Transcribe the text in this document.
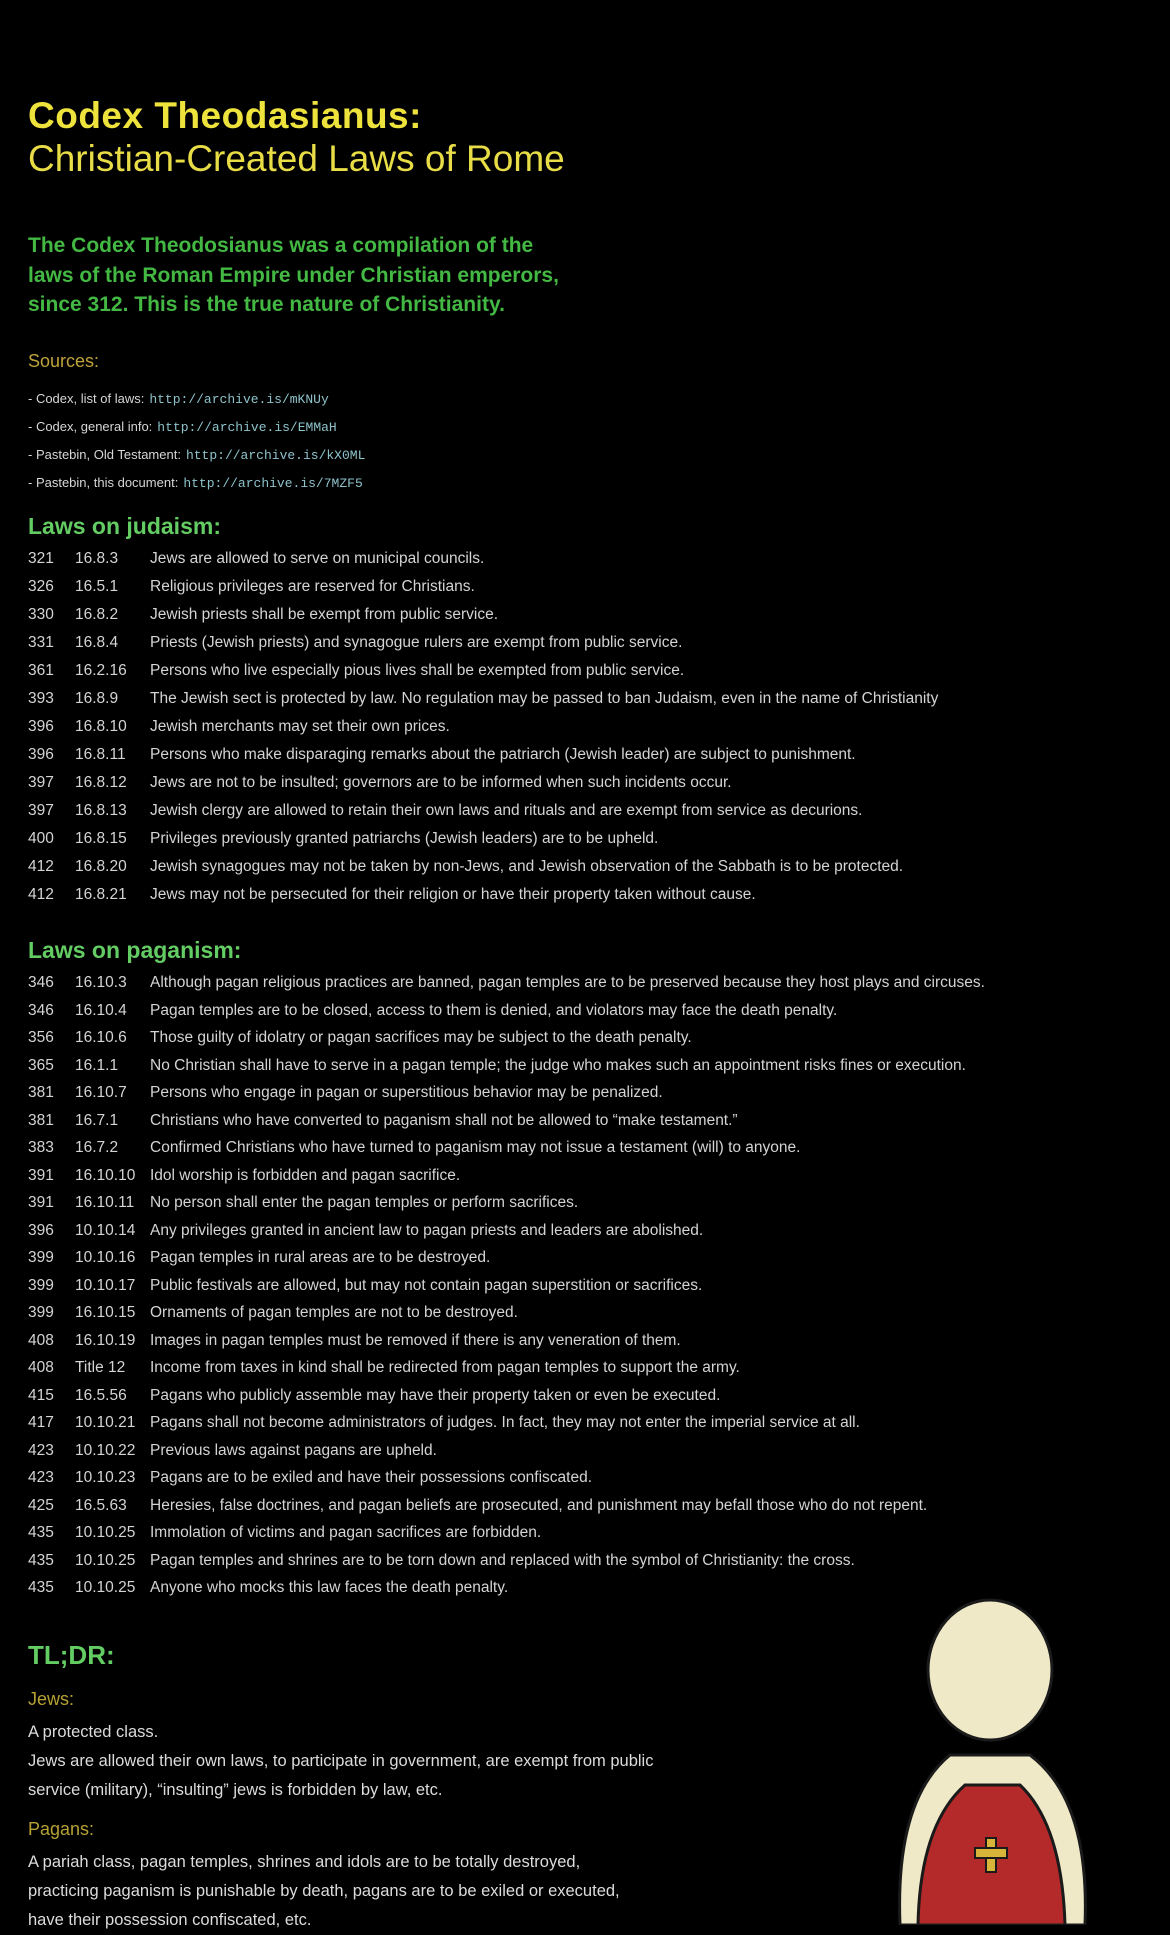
Codex Theodasianus:
Christian-Created Laws of Rome
The Codex Theodosianus was a compilation of the
laws of the Roman Empire under Christian emperors,
since 312. This is the true nature of Christianity.
Sources:
- Codex, list of laws: http://archive.is/mKNUy
- Codex, general info: http://archive.is/EMMaH
- Pastebin, Old Testament: http://archive.is/kX0ML
- Pastebin, this document: http://archive.is/7MZF5
Laws on judaism:
321	16.8.3	Jews are allowed to serve on municipal councils.
326	16.5.1	Religious privileges are reserved for Christians.
330	16.8.2	Jewish priests shall be exempt from public service.
331	16.8.4	Priests (Jewish priests) and synagogue rulers are exempt from public service.
361	16.2.16	Persons who live especially pious lives shall be exempted from public service.
393	16.8.9	The Jewish sect is protected by law. No regulation may be passed to ban Judaism, even in the name of Christianity
396	16.8.10	Jewish merchants may set their own prices.
396	16.8.11	Persons who make disparaging remarks about the patriarch (Jewish leader) are subject to punishment.
397	16.8.12	Jews are not to be insulted; governors are to be informed when such incidents occur.
397	16.8.13	Jewish clergy are allowed to retain their own laws and rituals and are exempt from service as decurions.
400	16.8.15	Privileges previously granted patriarchs (Jewish leaders) are to be upheld.
412	16.8.20	Jewish synagogues may not be taken by non-Jews, and Jewish observation of the Sabbath is to be protected.
412	16.8.21	Jews may not be persecuted for their religion or have their property taken without cause.
Laws on paganism:
346	16.10.3	Although pagan religious practices are banned, pagan temples are to be preserved because they host plays and circuses.
346	16.10.4	Pagan temples are to be closed, access to them is denied, and violators may face the death penalty.
356	16.10.6	Those guilty of idolatry or pagan sacrifices may be subject to the death penalty.
365	16.1.1	No Christian shall have to serve in a pagan temple; the judge who makes such an appointment risks fines or execution.
381	16.10.7	Persons who engage in pagan or superstitious behavior may be penalized.
381	16.7.1	Christians who have converted to paganism shall not be allowed to “make testament.”
383	16.7.2	Confirmed Christians who have turned to paganism may not issue a testament (will) to anyone.
391	16.10.10 Idol worship is forbidden and pagan sacrifice.
391	16.10.11	No person shall enter the pagan temples or perform sacrifices.
396	10.10.14 Any privileges granted in ancient law to pagan priests and leaders are abolished.
399	10.10.16 Pagan temples in rural areas are to be destroyed.
399	10.10.17 Public festivals are allowed, but may not contain pagan superstition or sacrifices.
399	16.10.15 Ornaments of pagan temples are not to be destroyed.
408	16.10.19 Images in pagan temples must be removed if there is any veneration of them.
408	Title 12	Income from taxes in kind shall be redirected from pagan temples to support the army.
415	16.5.56	Pagans who publicly assemble may have their property taken or even be executed.
417	10.10.21 Pagans shall not become administrators of judges. In fact, they may not enter the imperial service at all.
423	10.10.22 Previous laws against pagans are upheld.
423	10.10.23 Pagans are to be exiled and have their possessions confiscated.
425	16.5.63	Heresies, false doctrines, and pagan beliefs are prosecuted, and punishment may befall those who do not repent.
435	10.10.25 Immolation of victims and pagan sacrifices are forbidden.
435	10.10.25 Pagan temples and shrines are to be torn down and replaced with the symbol of Christianity: the cross.
435	10.10.25 Anyone who mocks this law faces the death penalty.
TL;DR:
Jews:
A protected class.
Jews are allowed their own laws, to participate in government, are exempt from public
service (military), “insulting” jews is forbidden by law, etc.
Pagans:
A pariah class, pagan temples, shrines and idols are to be totally destroyed,
practicing paganism is punishable by death, pagans are to be exiled or executed,
have their possession confiscated, etc.
